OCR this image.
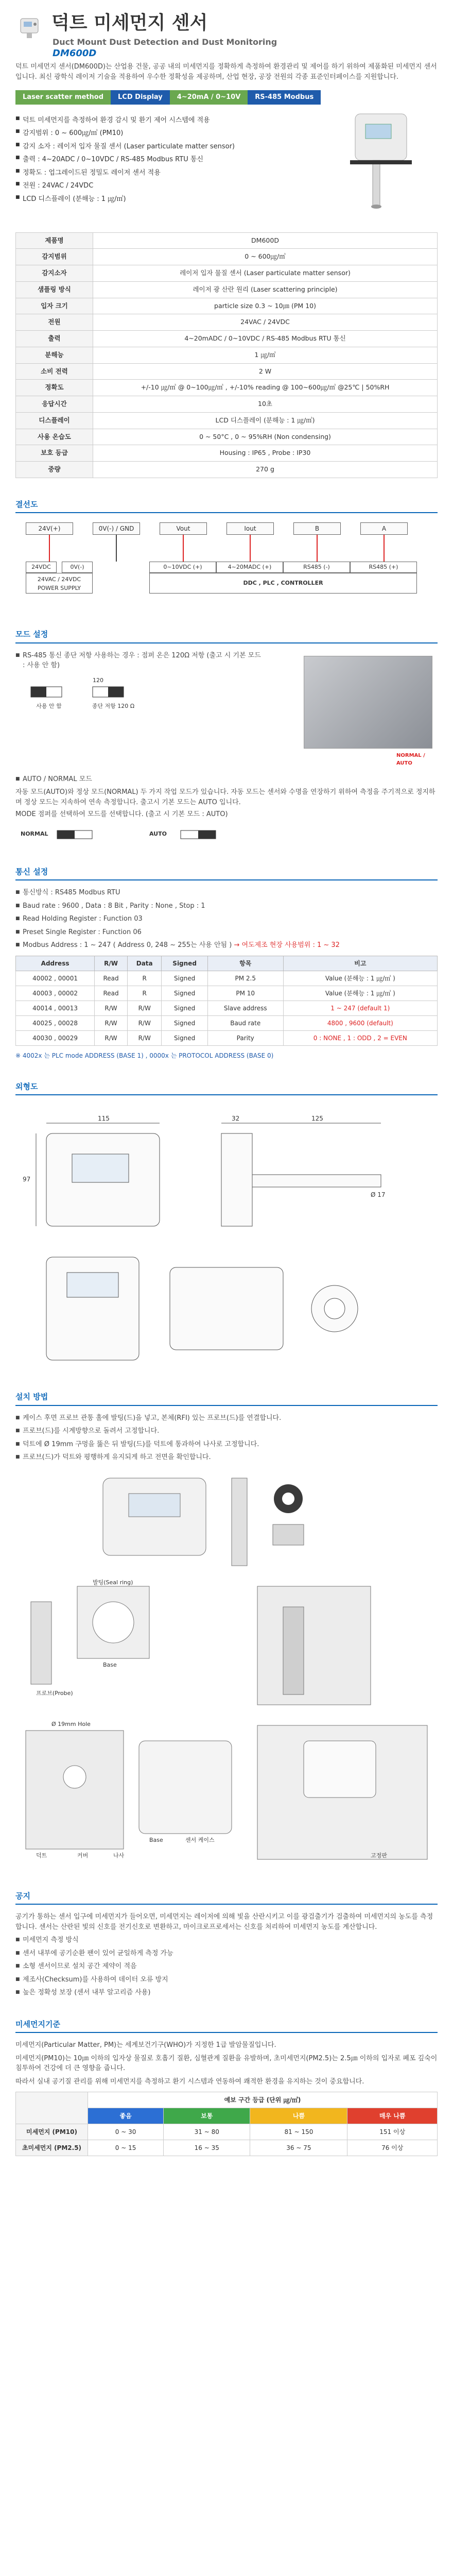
덕트 미세먼지 센서
Duct Mount Dust Detection and Dust Monitoring
DM600D
덕트 미세먼지 센서(DM600D)는 산업용 건물, 공공 내의 미세먼지를 정확하게 측정하여 환경관리 및 제어를 하기 위하여 제품화된 미세먼지 센서입니다. 최신 광학식 레이저 기술을 적용하여 우수한 정확성을 제공하며, 산업 현장, 공장 전원의 각종 표준인터페이스를 지원합니다.
Laser scatter method	LCD Display	4~20mA / 0~10V	RS-485 Modbus
■ 덕트 미세먼지를 측정하여 환경 감시 및 환기 제어 시스템에 적용
■ 감지범위 : 0 ~ 600㎍/㎥ (PM10)
■ 감지 소자 : 레이저 입자 물질 센서 (Laser particulate matter sensor)
■ 출력 : 4~20ADC / 0~10VDC / RS-485 Modbus RTU 통신
■ 정확도 : 업그레이드된 정밀도 레이저 센서 적용
■ 전원 : 24VAC / 24VDC
■ LCD 디스플레이 (분해능 : 1 ㎍/㎥)
제품명	DM600D
감지범위	0 ~ 600㎍/㎥
감지소자	레이저 입자 물질 센서 (Laser particulate matter sensor)
샘플링 방식	레이저 광 산란 원리 (Laser scattering principle)
입자 크기	particle size 0.3 ~ 10㎛ (PM 10)
전원	24VAC / 24VDC
출력	4~20mADC / 0~10VDC / RS-485 Modbus RTU 통신
분해능	1 ㎍/㎥
소비 전력	2 W
정확도	+/-10 ㎍/㎥ @ 0~100㎍/㎥ , +/-10% reading @ 100~600㎍/㎥ @25℃ | 50%RH
응답시간	10초
디스플레이	LCD 디스플레이 (분해능 : 1 ㎍/㎥)
사용 온습도	0 ~ 50°C , 0 ~ 95%RH (Non condensing)
보호 등급	Housing : IP65 , Probe : IP30
중량	270 g
결선도
24V(+)	0V(-) / GND	Vout	Iout	B	A
24VDC	0V(-)
24VAC / 24VDC POWER SUPPLY
0~10VDC (+)	4~20MADC (+)	RS485 (-)	RS485 (+)
DDC , PLC , CONTROLLER
모드 설정
■ RS-485 통신 종단 저항 사용하는 경우 : 점퍼 온은 120Ω 저항 (출고 시 기본 모드 : 사용 안 함)
120
사용 안 함	종단 저항 120 Ω
NORMAL / AUTO
■ AUTO / NORMAL 모드
자동 모드(AUTO)와 정상 모드(NORMAL) 두 가지 작업 모드가 있습니다. 자동 모드는 센서와 수명을 연장하기 위하여 측정을 주기적으로 정지하며 정상 모드는 지속하여 연속 측정합니다. 출고시 기본 모드는 AUTO 입니다.
MODE 점퍼를 선택하여 모드를 선택합니다. (출고 시 기본 모드 : AUTO)
NORMAL	AUTO
통신 설정
■ 통신방식 : RS485 Modbus RTU
■ Baud rate : 9600 , Data : 8 Bit , Parity : None , Stop : 1
■ Read Holding Register : Function 03
■ Preset Single Register : Function 06
■ Modbus Address : 1 ~ 247 ( Address 0, 248 ~ 255는 사용 안됨 ) → 여도제조 현장 사용범위 : 1 ~ 32
Address	R/W	Data	Signed	항목	비고
40002 , 00001	Read	R	Signed	PM 2.5	Value (분해능 : 1 ㎍/㎥ )
40003 , 00002	Read	R	Signed	PM 10	Value (분해능 : 1 ㎍/㎥ )
40014 , 00013	R/W	R/W	Signed	Slave address	1 ~ 247 (default 1)
40025 , 00028	R/W	R/W	Signed	Baud rate	4800 , 9600 (default)
40030 , 00029	R/W	R/W	Signed	Parity	0 : NONE , 1 : ODD , 2 = EVEN
※ 4002x 는 PLC mode ADDRESS (BASE 1) , 0000x 는 PROTOCOL ADDRESS (BASE 0)
외형도
115	32	125
97
Ø 17
설치 방법
■ 케이스 후면 프로브 관통 홀에 발팅(드)을 넣고, 본체(RFI) 있는 프로브(드)를 연결합니다.
■ 프로브(드)를 시계방향으로 돌려서 고정합니다.
■ 덕트에 Ø 19mm 구멍을 뚫은 뒤 발팅(드)를 덕트에 통과하여 나사로 고정합니다.
■ 프로브(드)가 덕트와 평행하게 유지되게 하고 전면을 확인합니다.
프로브(Probe)
발팅(Seal ring)
Base
Ø 19mm Hole
덕트	커버	나사
Base	센서 케이스
고정판
공지
공기가 통하는 센서 입구에 미세먼지가 들어오면, 미세먼지는 레이저에 의해 빛을 산란시키고 이를 광검출기가 검출하여 미세먼지의 농도를 측정합니다. 센서는 산란된 빛의 신호를 전기신호로 변환하고, 마이크로프로세서는 신호를 처리하여 미세먼지 농도를 계산합니다.
■ 미세먼지 측정 방식
■ 센서 내부에 공기순환 팬이 있어 균일하게 측정 가능
■ 소형 센서이므로 설치 공간 제약이 적음
■ 제조사(Checksum)를 사용하여 데이터 오류 방지
■ 높은 정확성 보장 (센서 내부 알고리즘 사용)
미세먼지기준
미세먼지(Particular Matter, PM)는 세계보건기구(WHO)가 지정한 1급 발암물질입니다.
미세먼지(PM10)는 10㎛ 이하의 입자상 물질로 호흡기 질환, 심혈관계 질환을 유발하며, 초미세먼지(PM2.5)는 2.5㎛ 이하의 입자로 폐포 깊숙이 침투하여 건강에 더 큰 영향을 줍니다.
따라서 실내 공기질 관리를 위해 미세먼지를 측정하고 환기 시스템과 연동하여 쾌적한 환경을 유지하는 것이 중요합니다.
	예보 구간 등급 (단위 ㎍/㎥)			
	좋음	보통	나쁨	매우 나쁨
미세먼지 (PM10)	0 ~ 30	31 ~ 80	81 ~ 150	151 이상
초미세먼지 (PM2.5)	0 ~ 15	16 ~ 35	36 ~ 75	76 이상
